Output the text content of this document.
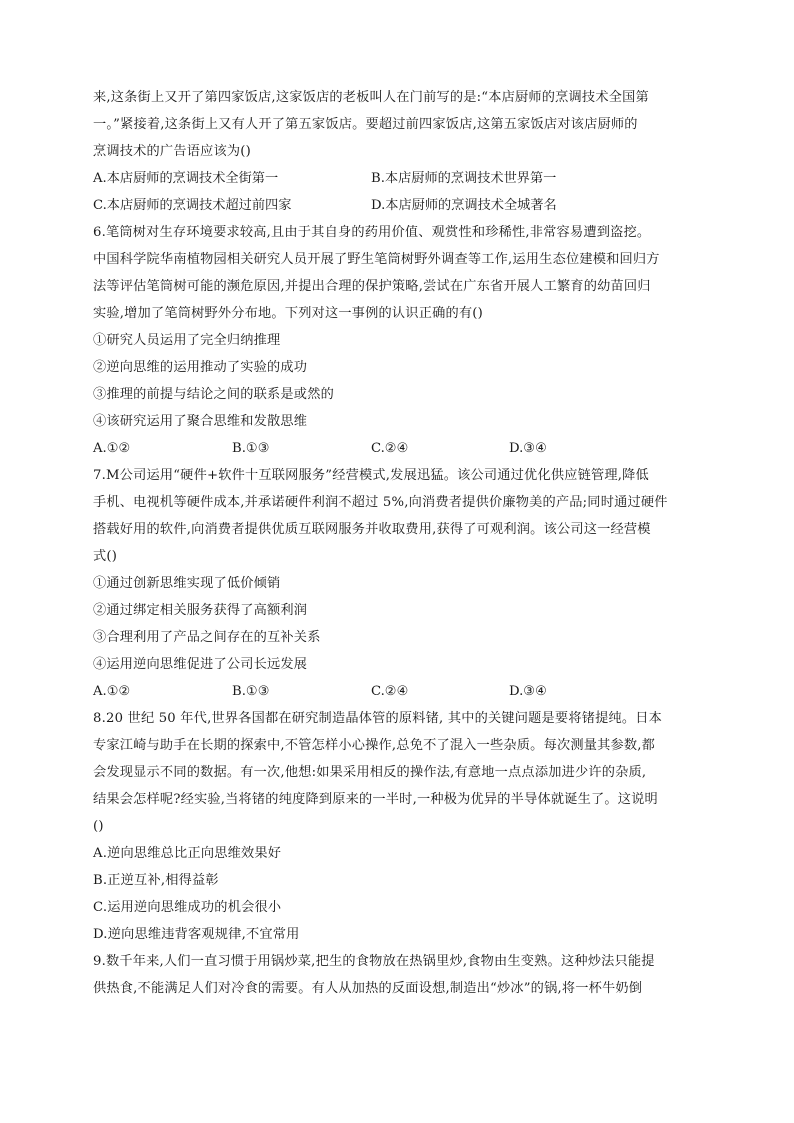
来,这条街上又开了第四家饭店,这家饭店的老板叫人在门前写的是:“本店厨师的烹调技术全国第
一。”紧接着,这条街上又有人开了第五家饭店。要超过前四家饭店,这第五家饭店对该店厨师的
烹调技术的广告语应该为()
A.本店厨师的烹调技术全街第一	B.本店厨师的烹调技术世界第一
C.本店厨师的烹调技术超过前四家	D.本店厨师的烹调技术全城著名
6.笔筒树对生存环境要求较高,且由于其自身的药用价值、观赏性和珍稀性,非常容易遭到盗挖。
中国科学院华南植物园相关研究人员开展了野生笔筒树野外调查等工作,运用生态位建模和回归方
法等评估笔筒树可能的濒危原因,并提出合理的保护策略,尝试在广东省开展人工繁育的幼苗回归
实验,增加了笔筒树野外分布地。下列对这一事例的认识正确的有()
①研究人员运用了完全归纳推理
②逆向思维的运用推动了实验的成功
③推理的前提与结论之间的联系是或然的
④该研究运用了聚合思维和发散思维
A.①②	B.①③	C.②④	D.③④
7.M公司运用“硬件+软件十互联网服务”经营模式,发展迅猛。该公司通过优化供应链管理,降低
手机、电视机等硬件成本,并承诺硬件利润不超过 5%,向消费者提供价廉物美的产品;同时通过硬件
搭载好用的软件,向消费者提供优质互联网服务并收取费用,获得了可观利润。该公司这一经营模
式()
①通过创新思维实现了低价倾销
②通过绑定相关服务获得了高额利润
③合理利用了产品之间存在的互补关系
④运用逆向思维促进了公司长远发展
A.①②	B.①③	C.②④	D.③④
8.20 世纪 50 年代,世界各国都在研究制造晶体管的原料锗, 其中的关键问题是要将锗提纯。日本
专家江崎与助手在长期的探索中,不管怎样小心操作,总免不了混入一些杂质。每次测量其参数,都
会发现显示不同的数据。有一次,他想:如果采用相反的操作法,有意地一点点添加进少许的杂质,
结果会怎样呢?经实验,当将锗的纯度降到原来的一半时,一种极为优异的半导体就诞生了。这说明
()
A.逆向思维总比正向思维效果好
B.正逆互补,相得益彰
C.运用逆向思维成功的机会很小
D.逆向思维违背客观规律,不宜常用
9.数千年来,人们一直习惯于用锅炒菜,把生的食物放在热锅里炒,食物由生变熟。这种炒法只能提
供热食,不能满足人们对冷食的需要。有人从加热的反面设想,制造出“炒冰”的锅,将一杯牛奶倒
